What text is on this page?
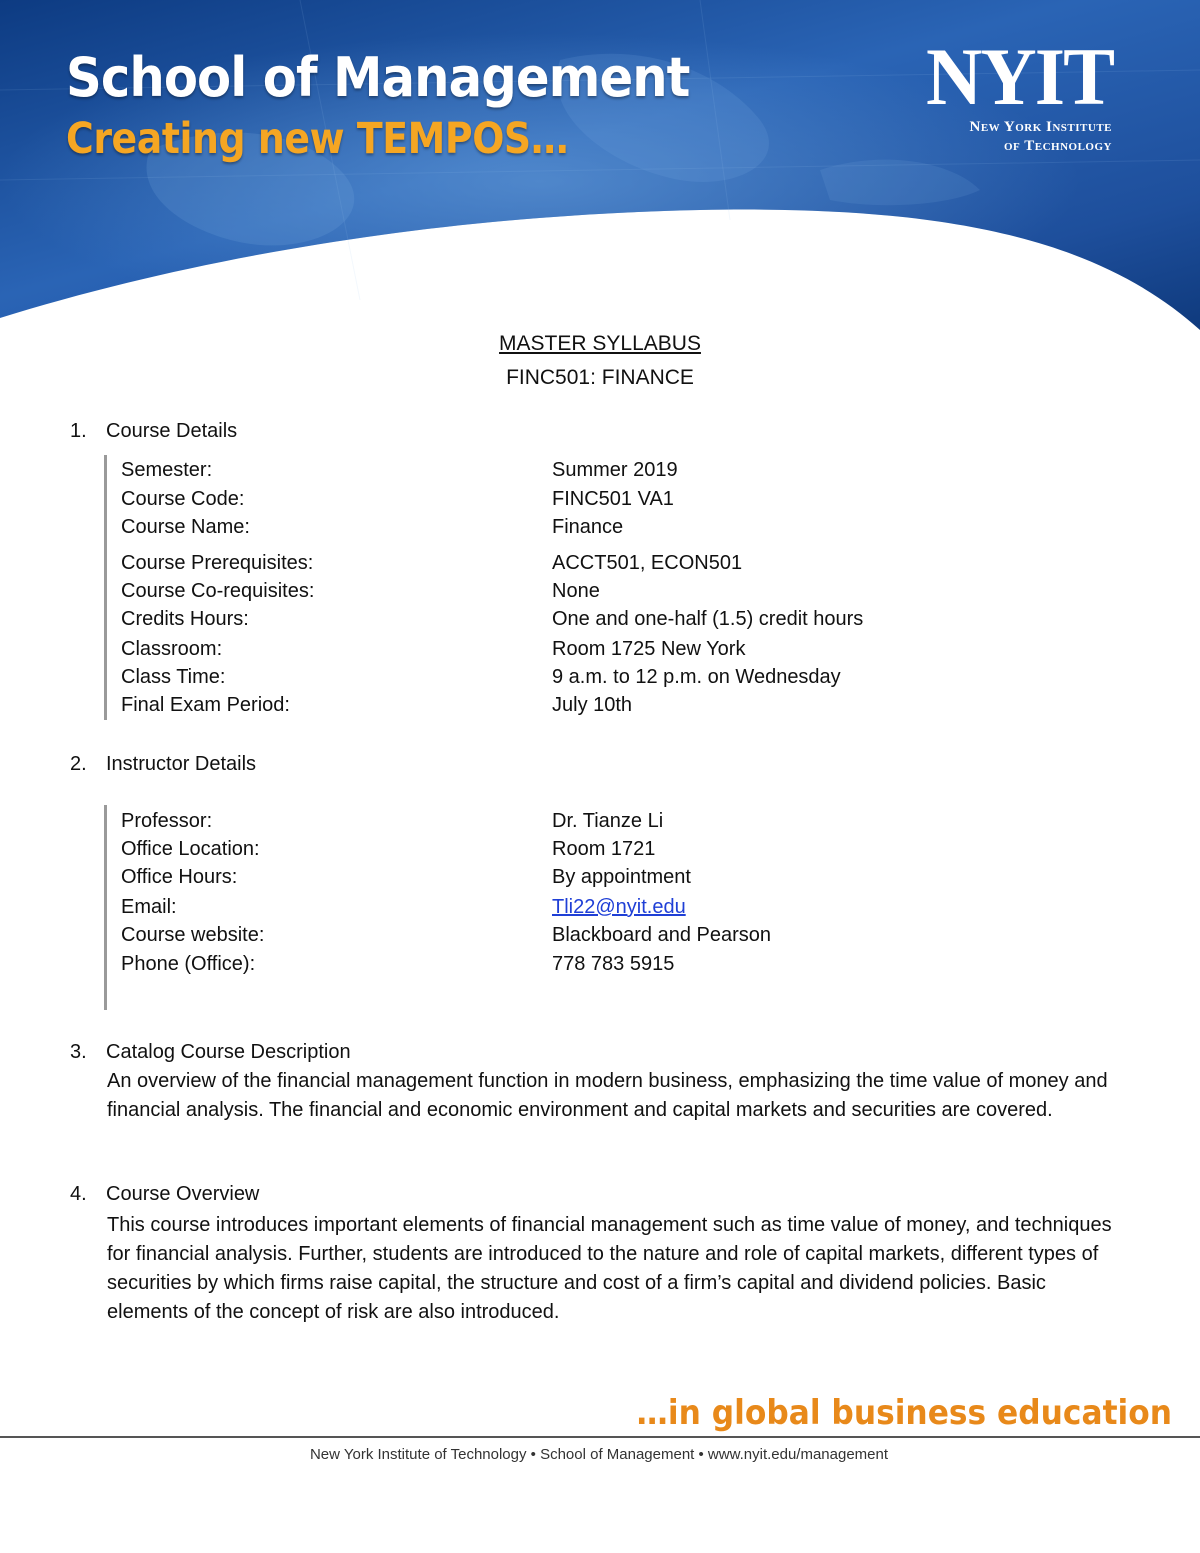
School of Management
Creating new TEMPOS…
NYIT
New York Institute
of Technology
MASTER SYLLABUS
FINC501: FINANCE
1. Course Details
Semester:	Summer 2019
Course Code:	FINC501 VA1
Course Name:	Finance
Course Prerequisites:	ACCT501, ECON501
Course Co-requisites:	None
Credits Hours:	One and one-half (1.5) credit hours
Classroom:	Room 1725 New York
Class Time:	9 a.m. to 12 p.m. on Wednesday
Final Exam Period:	July 10th
2. Instructor Details
Professor:	Dr. Tianze Li
Office Location:	Room 1721
Office Hours:	By appointment
Email:	Tli22@nyit.edu
Course website:	Blackboard and Pearson
Phone (Office):	778 783 5915
3. Catalog Course Description
An overview of the financial management function in modern business, emphasizing the time value of money and financial analysis. The financial and economic environment and capital markets and securities are covered.
4. Course Overview
This course introduces important elements of financial management such as time value of money, and techniques for financial analysis. Further, students are introduced to the nature and role of capital markets, different types of securities by which firms raise capital, the structure and cost of a firm’s capital and dividend policies. Basic elements of the concept of risk are also introduced.
…in global business education
New York Institute of Technology • School of Management • www.nyit.edu/management
